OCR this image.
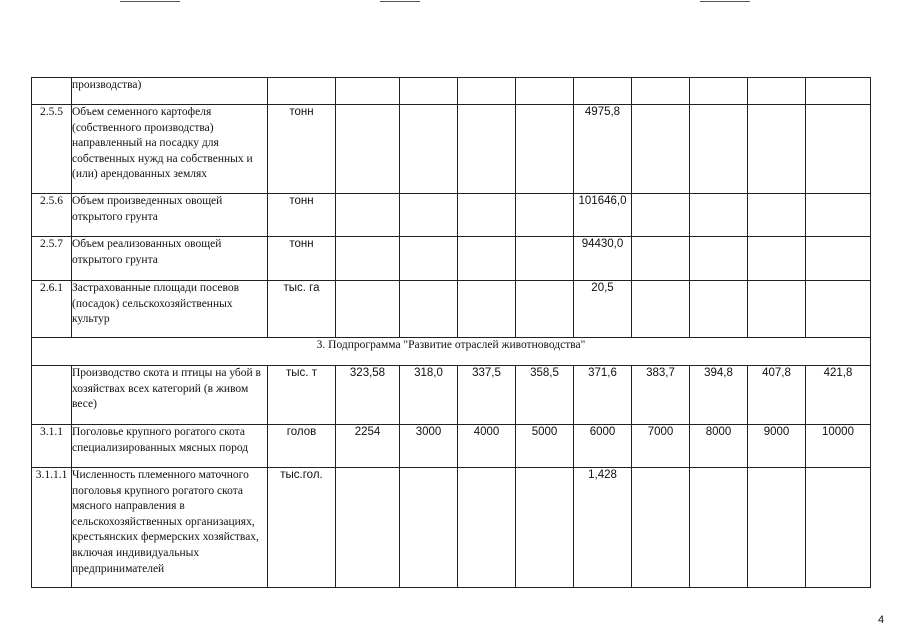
	производства)										
2.5.5	Объем семенного картофеля (собственного производства) направленный на посадку для собственных нужд на собственных и (или) арендованных землях	тонн					4975,8				
2.5.6	Объем произведенных овощей открытого грунта	тонн					101646,0				
2.5.7	Объем реализованных овощей открытого грунта	тонн					94430,0				
2.6.1	Застрахованные площади посевов (посадок) сельскохозяйственных культур	тыс. га					20,5				
3. Подпрограмма "Развитие отраслей животноводства"											
	Производство скота и птицы на убой в хозяйствах всех категорий (в живом весе)	тыс. т	323,58	318,0	337,5	358,5	371,6	383,7	394,8	407,8	421,8
3.1.1	Поголовье крупного рогатого скота специализированных мясных пород	голов	2254	3000	4000	5000	6000	7000	8000	9000	10000
3.1.1.1	Численность племенного маточного поголовья крупного рогатого скота мясного направления в сельскохозяйственных организациях, крестьянских фермерских хозяйствах, включая индивидуальных предпринимателей	тыс.гол.					1,428				
4
